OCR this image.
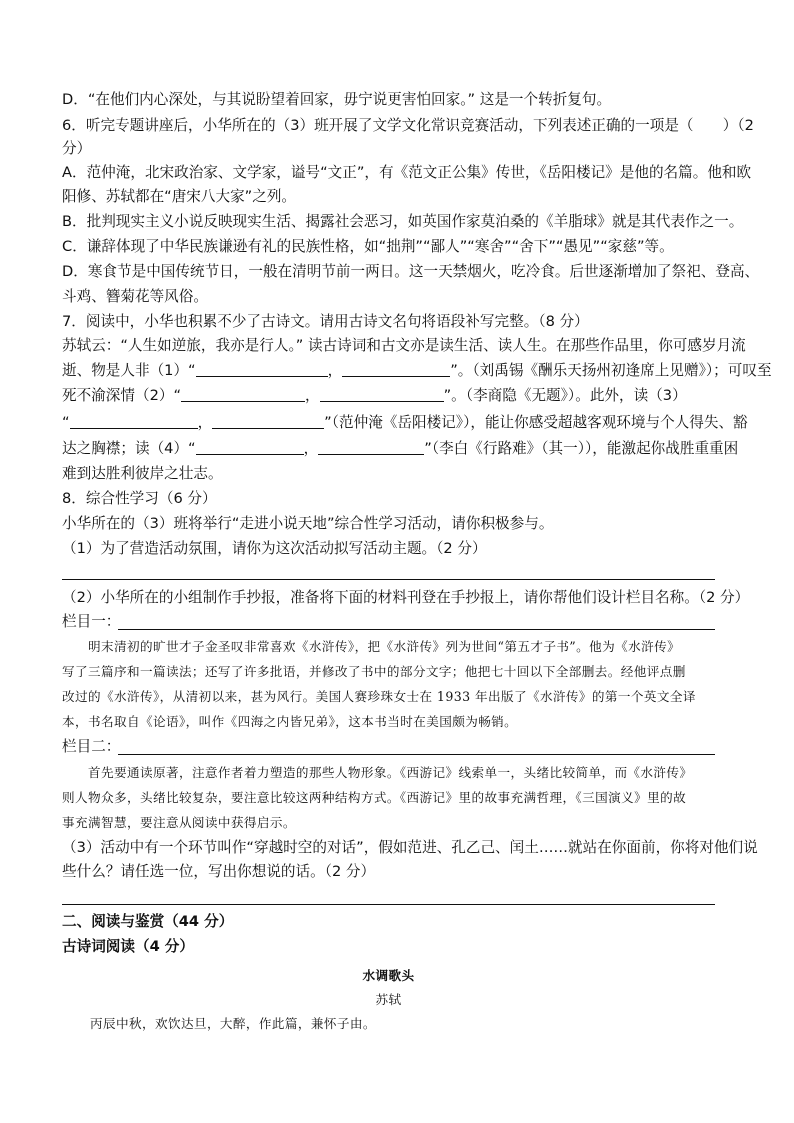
D．“在他们内心深处，与其说盼望着回家，毋宁说更害怕回家。” 这是一个转折复句。
6．听完专题讲座后，小华所在的（3）班开展了文学文化常识竞赛活动，下列表述正确的一项是（　　）（2
分）
A．范仲淹，北宋政治家、文学家，谥号“文正”，有《范文正公集》传世，《岳阳楼记》是他的名篇。他和欧
阳修、苏轼都在“唐宋八大家”之列。
B．批判现实主义小说反映现实生活、揭露社会恶习，如英国作家莫泊桑的《羊脂球》就是其代表作之一。
C．谦辞体现了中华民族谦逊有礼的民族性格，如“拙荆”“鄙人”“寒舍”“舍下”“愚见”“家慈”等。
D．寒食节是中国传统节日，一般在清明节前一两日。这一天禁烟火，吃冷食。后世逐渐增加了祭祀、登高、
斗鸡、簪菊花等风俗。
7．阅读中，小华也积累不少了古诗文。请用古诗文名句将语段补写完整。（8 分）
苏轼云：“人生如逆旅，我亦是行人。” 读古诗词和古文亦是读生活、读人生。在那些作品里，你可感岁月流
逝、物是人非（1）“	，	”。（刘禹锡《酬乐天扬州初逢席上见赠》）；可叹至
死不渝深情（2）“	，	”。（李商隐《无题》）。此外，读（3）
“	，	”（范仲淹《岳阳楼记》），能让你感受超越客观环境与个人得失、豁
达之胸襟；读（4）“	，	”（李白《行路难》（其一）），能激起你战胜重重困
难到达胜利彼岸之壮志。
8．综合性学习（6 分）
小华所在的（3）班将举行“走进小说天地”综合性学习活动，请你积极参与。
（1）为了营造活动氛围，请你为这次活动拟写活动主题。（2 分）
（2）小华所在的小组制作手抄报，准备将下面的材料刊登在手抄报上，请你帮他们设计栏目名称。（2 分）
栏目一：
明末清初的旷世才子金圣叹非常喜欢《水浒传》，把《水浒传》列为世间“第五才子书”。他为《水浒传》
写了三篇序和一篇读法；还写了许多批语，并修改了书中的部分文字；他把七十回以下全部删去。经他评点删
改过的《水浒传》，从清初以来，甚为风行。美国人赛珍珠女士在 1933 年出版了《水浒传》的第一个英文全译
本，书名取自《论语》，叫作《四海之内皆兄弟》，这本书当时在美国颇为畅销。
栏目二：
首先要通读原著，注意作者着力塑造的那些人物形象。《西游记》线索单一，头绪比较简单，而《水浒传》
则人物众多，头绪比较复杂，要注意比较这两种结构方式。《西游记》里的故事充满哲理，《三国演义》里的故
事充满智慧，要注意从阅读中获得启示。
（3）活动中有一个环节叫作“穿越时空的对话”，假如范进、孔乙己、闰土……就站在你面前，你将对他们说
些什么？请任选一位，写出你想说的话。（2 分）
二、阅读与鉴赏（44 分）
古诗词阅读（4 分）
水调歌头
苏轼
丙辰中秋，欢饮达旦，大醉，作此篇，兼怀子由。
